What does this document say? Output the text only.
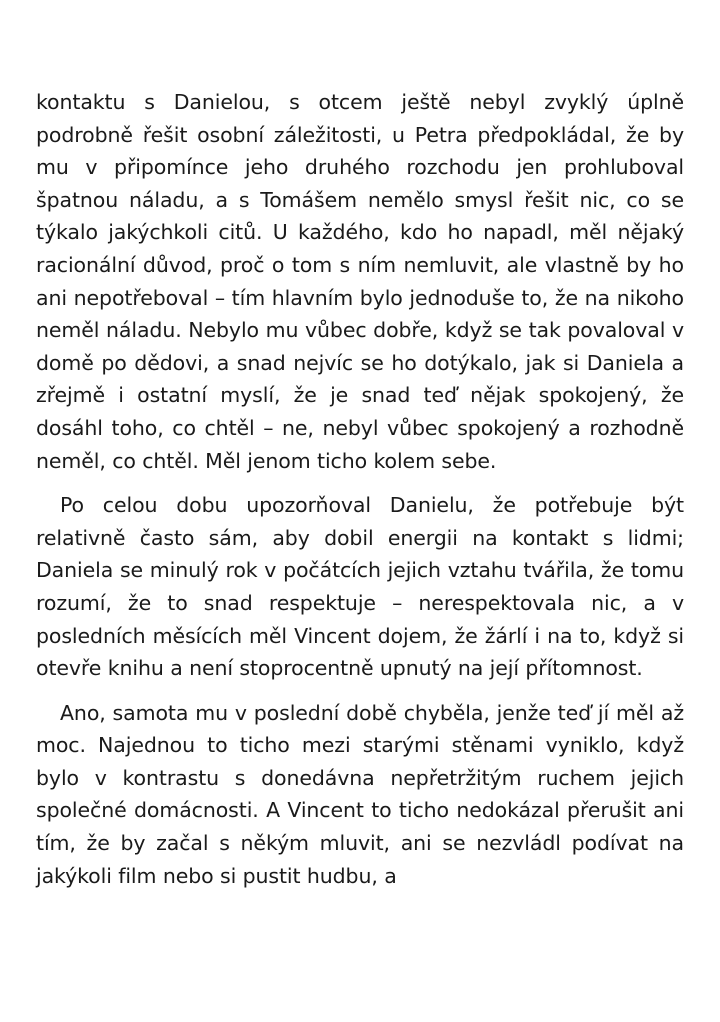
kontaktu s Danielou, s otcem ještě nebyl zvyklý úplně podrobně řešit osobní záležitosti, u Petra předpokládal, že by mu v připomínce jeho druhého rozchodu jen prohluboval špatnou náladu, a s Tomášem nemělo smysl řešit nic, co se týkalo jakýchkoli citů. U každého, kdo ho napadl, měl nějaký racionální důvod, proč o tom s ním nemluvit, ale vlastně by ho ani nepotřeboval – tím hlavním bylo jednoduše to, že na nikoho neměl náladu. Nebylo mu vůbec dobře, když se tak povaloval v domě po dědovi, a snad nejvíc se ho dotýkalo, jak si Daniela a zřejmě i ostatní myslí, že je snad teď nějak spokojený, že dosáhl toho, co chtěl – ne, nebyl vůbec spokojený a rozhodně neměl, co chtěl. Měl jenom ticho kolem sebe.

Po celou dobu upozorňoval Danielu, že potřebuje být relativně často sám, aby dobil energii na kontakt s lidmi; Daniela se minulý rok v počátcích jejich vztahu tvářila, že tomu rozumí, že to snad respektuje – nerespektovala nic, a v posledních měsících měl Vincent dojem, že žárlí i na to, když si otevře knihu a není stoprocentně upnutý na její přítomnost.

Ano, samota mu v poslední době chyběla, jenže teď jí měl až moc. Najednou to ticho mezi starými stěnami vyniklo, když bylo v kontrastu s donedávna nepřetržitým ruchem jejich společné domácnosti. A Vincent to ticho nedokázal přerušit ani tím, že by začal s někým mluvit, ani se nezvládl podívat na jakýkoli film nebo si pustit hudbu, a
